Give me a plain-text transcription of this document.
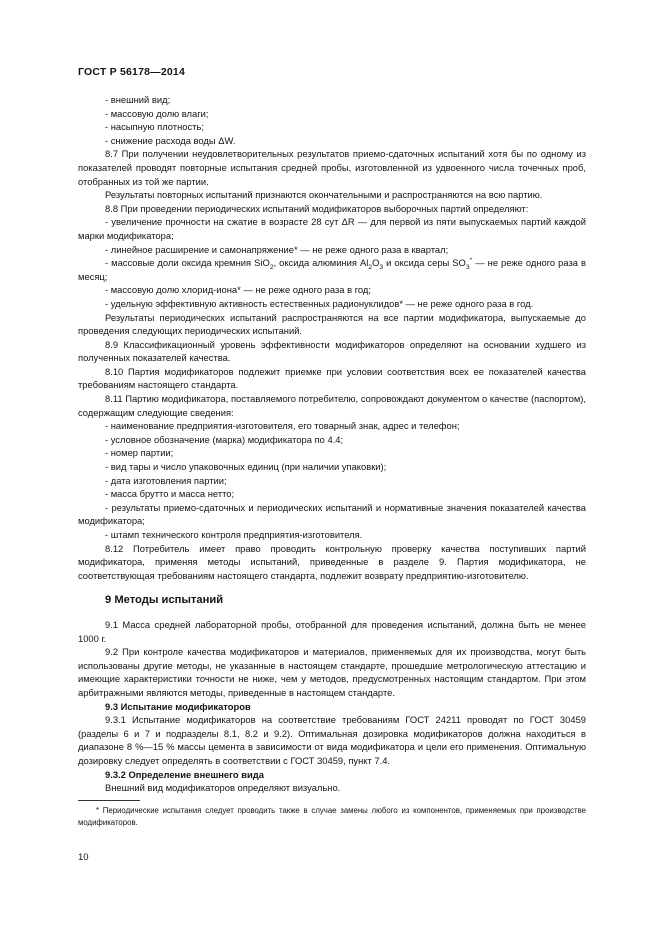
ГОСТ Р 56178—2014

- внешний вид;

- массовую долю влаги;

- насыпную плотность;

- снижение расхода воды ΔW.

8.7 При получении неудовлетворительных результатов приемо-сдаточных испытаний хотя бы по одному из показателей проводят повторные испытания средней пробы, изготовленной из удвоенного числа точечных проб, отобранных из той же партии.

Результаты повторных испытаний признаются окончательными и распространяются на всю партию.

8.8 При проведении периодических испытаний модификаторов выборочных партий определяют:

- увеличение прочности на сжатие в возрасте 28 сут ΔR — для первой из пяти выпускаемых партий каждой марки модификатора;

- линейное расширение и самонапряжение* — не реже одного раза в квартал;

- массовые доли оксида кремния SiO$_2$, оксида алюминия $Al_2O_3$ и оксида серы $SO_3^*$ — не реже одного раза в месяц;

- массовую долю хлорид-иона* — не реже одного раза в год;

- удельную эффективную активность естественных радионуклидов* — не реже одного раза в год.

Результаты периодических испытаний распространяются на все партии модификатора, выпускаемые до проведения следующих периодических испытаний.

8.9 Классификационный уровень эффективности модификаторов определяют на основании худшего из полученных показателей качества.

8.10 Партия модификаторов подлежит приемке при условии соответствия всех ее показателей качества требованиям настоящего стандарта.

8.11 Партию модификатора, поставляемого потребителю, сопровождают документом о качестве (паспортом), содержащим следующие сведения:

- наименование предприятия-изготовителя, его товарный знак, адрес и телефон;

- условное обозначение (марка) модификатора по 4.4;

- номер партии;

- вид тары и число упаковочных единиц (при наличии упаковки);

- дата изготовления партии;

- масса брутто и масса нетто;

- результаты приемо-сдаточных и периодических испытаний и нормативные значения показателей качества модификатора;

- штамп технического контроля предприятия-изготовителя.

8.12 Потребитель имеет право проводить контрольную проверку качества поступивших партий модификатора, применяя методы испытаний, приведенные в разделе 9. Партия модификатора, не соответствующая требованиям настоящего стандарта, подлежит возврату предприятию-изготовителю.

9 Методы испытаний

9.1 Масса средней лабораторной пробы, отобранной для проведения испытаний, должна быть не менее 1000 г.

9.2 При контроле качества модификаторов и материалов, применяемых для их производства, могут быть использованы другие методы, не указанные в настоящем стандарте, прошедшие метрологическую аттестацию и имеющие характеристики точности не ниже, чем у методов, предусмотренных настоящим стандартом. При этом арбитражными являются методы, приведенные в настоящем стандарте.

9.3 Испытание модификаторов

9.3.1 Испытание модификаторов на соответствие требованиям ГОСТ 24211 проводят по ГОСТ 30459 (разделы 6 и 7 и подразделы 8.1, 8.2 и 9.2). Оптимальная дозировка модификаторов должна находиться в диапазоне 8 %—15 % массы цемента в зависимости от вида модификатора и цели его применения. Оптимальную дозировку следует определять в соответствии с ГОСТ 30459, пункт 7.4.

9.3.2 Определение внешнего вида

Внешний вид модификаторов определяют визуально.

* Периодические испытания следует проводить также в случае замены любого из компонентов, применяемых при производстве модификаторов.

10
